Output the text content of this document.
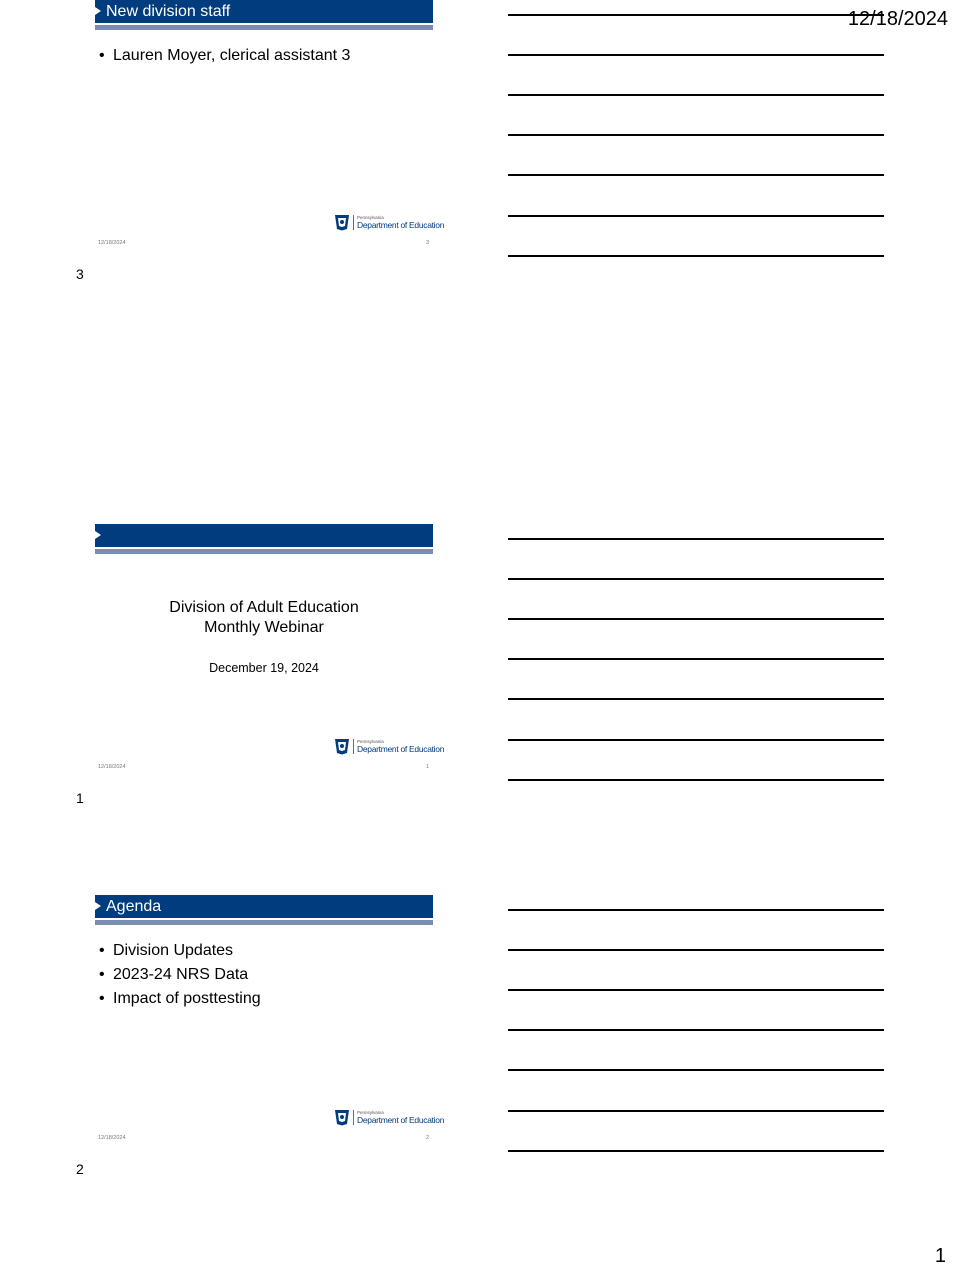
12/18/2024
Division of Adult Education
Monthly Webinar
December 19, 2024
Pennsylvania
Department of Education
12/18/2024	1
1
Agenda
• Division Updates
• 2023-24 NRS Data
• Impact of posttesting
Pennsylvania
Department of Education
12/18/2024	2
2
New division staff
• Lauren Moyer, clerical assistant 3
Pennsylvania
Department of Education
12/18/2024	3
3
1
